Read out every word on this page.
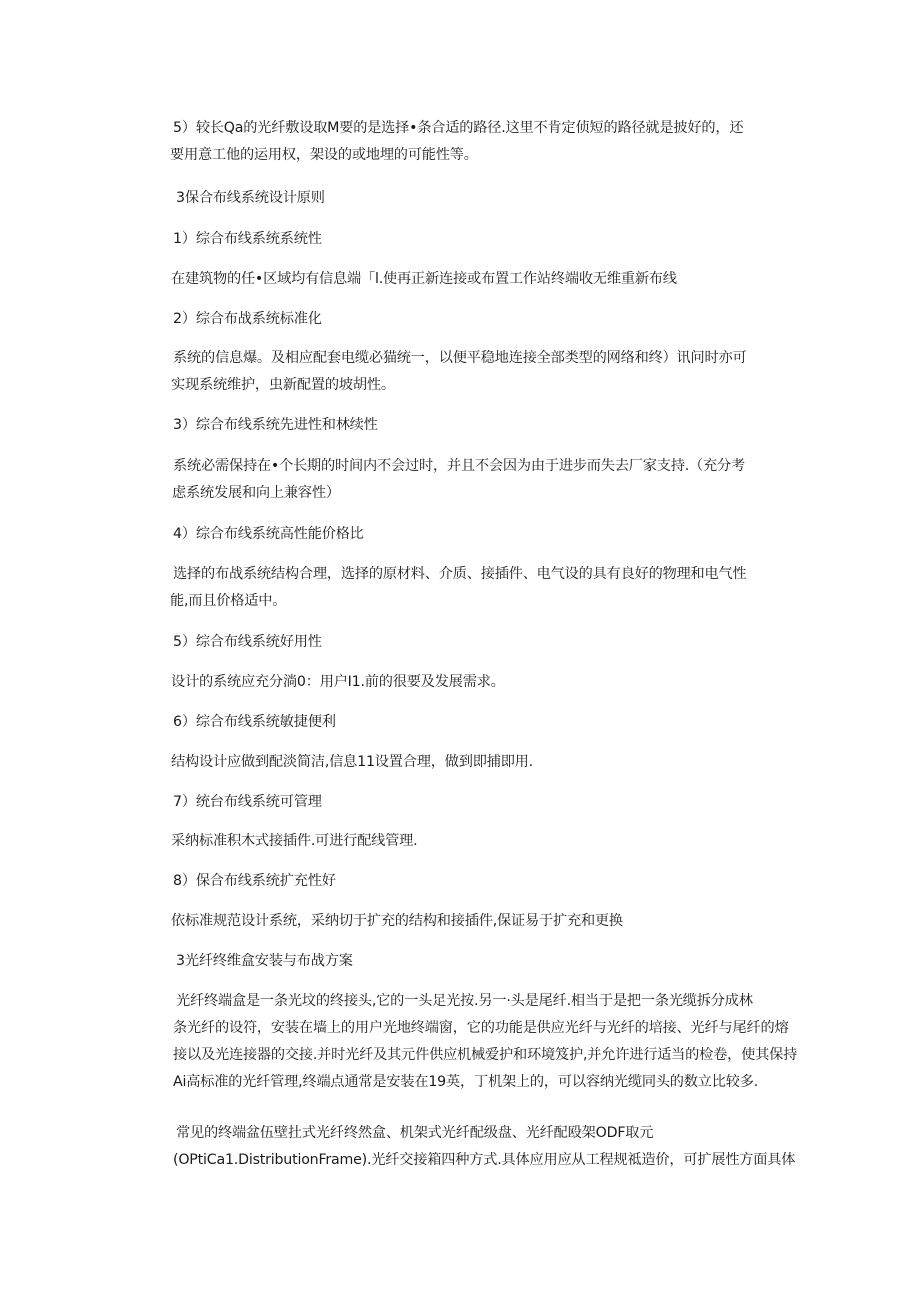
5）较长Qa的光纤敷设取M要的是选择•条合适的路径.这里不肯定侦短的路径就是披好的，还
要用意工他的运用权，架设的或地埋的可能性等。
3保合布线系统设计原则
1）综合布线系统系统性
在建筑物的任•区域均有信息端「l.使再正新连接或布置工作站终端收无维重新布线
2）综合布战系统标准化
系统的信息爆。及相应配套电缆必猫统一，以便平稳地连接全部类型的网络和终）讯问时亦可
实现系统维护，虫新配置的坡胡性。
3）综合布线系统先进性和林续性
系统必需保持在•个长期的时间内不会过时，并且不会因为由于进步而失去厂家支持.（充分考
虑系统发展和向上兼容性）
4）综合布线系统高性能价格比
选择的布战系统结构合理，选择的原材料、介质、接插件、电气设的具有良好的物理和电气性
能,而且价格适中。
5）综合布线系统好用性
设计的系统应充分淌0：用户I1.前的很要及发展需求。
6）综合布线系统敏捷便利
结构设计应做到配淡简洁,信息11设置合理，做到即捕即用.
7）统台布线系统可管理
采纳标准积木式接插件.可进行配线管理.
8）保合布线系统扩充性好
依标准规范设计系统，采纳切于扩充的结构和接插件,保证易于扩充和更换
3光纤终维盒安装与布战方案
光纤终端盒是一条光坟的终接头,它的一头足光按.另一·头是尾纤.相当于是把一条光缆拆分成林
条光纤的设符，安装在墙上的用户光地终端窗，它的功能是供应光纤与光纤的培接、光纤与尾纤的熔
接以及光连接器的交接.并时光纤及其元件供应机械爱护和环境笈护,并允许进行适当的检卷，使其保持
Ai高标准的光纤管理,终端点通常是安装在19英，丁机架上的，可以容纳光缆同头的数立比较多.
常见的终端盆伍壁扗式光纤终然盒、机架式光纤配级盘、光纤配殴架ODF取元
(OPtiCa1.DistributionFrame).光纤交接箱四种方式.具体应用应从工程规祗造价，可扩展性方面具体
